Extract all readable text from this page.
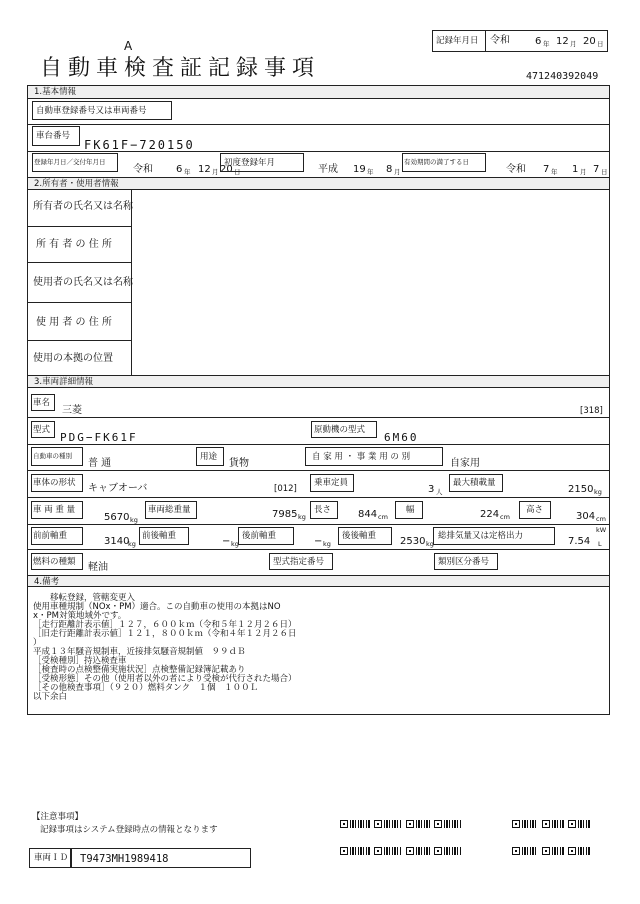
A
自動車検査証記録事項
記録年月日 令和	6 年 12 月 20 日
471240392049
1.基本情報
自動車登録番号又は車両番号
車台番号
FK61F−720150
登録年月日／交付年月日
令和 6 年 12 月 20 日
初度登録年月
平成 19 年 8 月
有効期間の満了する日
令和 7 年 1 月 7 日
2.所有者・使用者情報
所有者の氏名又は名称
所 有 者 の 住 所
使用者の氏名又は名称
使 用 者 の 住 所
使用の本拠の位置
3.車両詳細情報
車名
三菱	[318]
型式
PDG−FK61F
原動機の型式
6M60
自動車の種別
普 通
用途
貨物
自 家 用 ・ 事 業 用 の 別
自家用
車体の形状 キャブオーバ	[012]
乗車定員
3 人
最大積載量
2150 kg
車 両 重 量
5670 kg
車両総重量	7985 kg
長さ	844 cm
幅	224 cm
高さ
304 cm
前前軸重	3140
kg
前後軸重	− kg
後前軸重	− kg
後後軸重 2530 kg
総排気量又は定格出力
kW
7.54 L
燃料の種類 軽油	型式指定番号	類別区分番号
4.備考
　　移転登録，管轄変更入
使用車種規制（NOx・PM）適合。この自動車の使用の本拠はNO
x・PM対策地域外です。
［走行距離計表示値］１２７，６００ｋｍ（令和５年１２月２６日）
［旧走行距離計表示値］１２１，８００ｋｍ（令和４年１２月２６日
）
平成１３年騒音規制車，近接排気騒音規制値　９９ｄＢ
［受検種別］持込検査車
［検査時の点検整備実施状況］点検整備記録簿記載あり
［受検形態］その他（使用者以外の者により受検が代行された場合）
［その他検査事項］（９２０）燃料タンク　１個　１００Ｌ
以下余白
【注意事項】
記録事項はシステム登録時点の情報となります
車両ＩＤ T9473MH1989418
